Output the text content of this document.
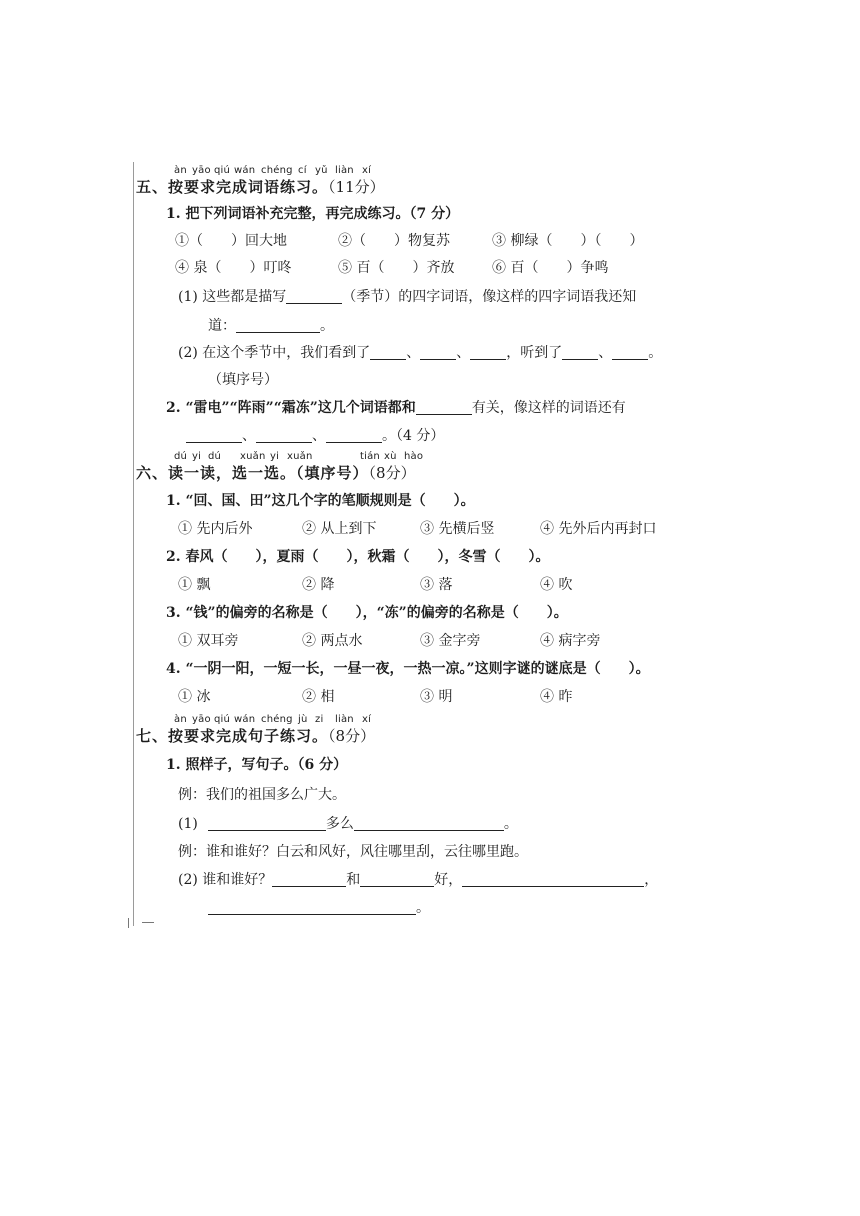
àn yāo qiú wán chéng cí yǔ liàn xí
五、按要求完成词语练习。（11分）
1. 把下列词语补充完整，再完成练习。（7 分）
①（　　）回大地	②（　　）物复苏	③ 柳绿（　　）（　　）
④ 泉（　　）叮咚	⑤ 百（　　）齐放	⑥ 百（　　）争鸣
(1) 这些都是描写	（季节）的四字词语，像这样的四字词语我还知
道：	。
(2) 在这个季节中，我们看到了	、	、	，听到了	、	。
（填序号）
2. “雷电”“阵雨”“霜冻”这几个词语都和	有关，像这样的词语还有
、	、	。（4 分）
dú yi dú xuǎn yi xuǎn	tián xù hào
六、读一读，选一选。（填序号）（8分）
1. “回、国、田”这几个字的笔顺规则是（　　）。
① 先内后外	② 从上到下	③ 先横后竖	④ 先外后内再封口
2. 春风（　　），夏雨（　　），秋霜（　　），冬雪（　　）。
① 飘	② 降	③ 落	④ 吹
3. “钱”的偏旁的名称是（　　），“冻”的偏旁的名称是（　　）。
① 双耳旁	② 两点水	③ 金字旁	④ 病字旁
4. “一阴一阳，一短一长，一昼一夜，一热一凉。”这则字谜的谜底是（　　）。
① 冰	② 相	③ 明	④ 昨
àn yāo qiú wán chéng jù zi liàn xí
七、按要求完成句子练习。（8分）
1. 照样子，写句子。（6 分）
例：我们的祖国多么广大。
(1)	多么	。
例：谁和谁好？白云和风好，风往哪里刮，云往哪里跑。
(2) 谁和谁好？	和	好，	，
。
